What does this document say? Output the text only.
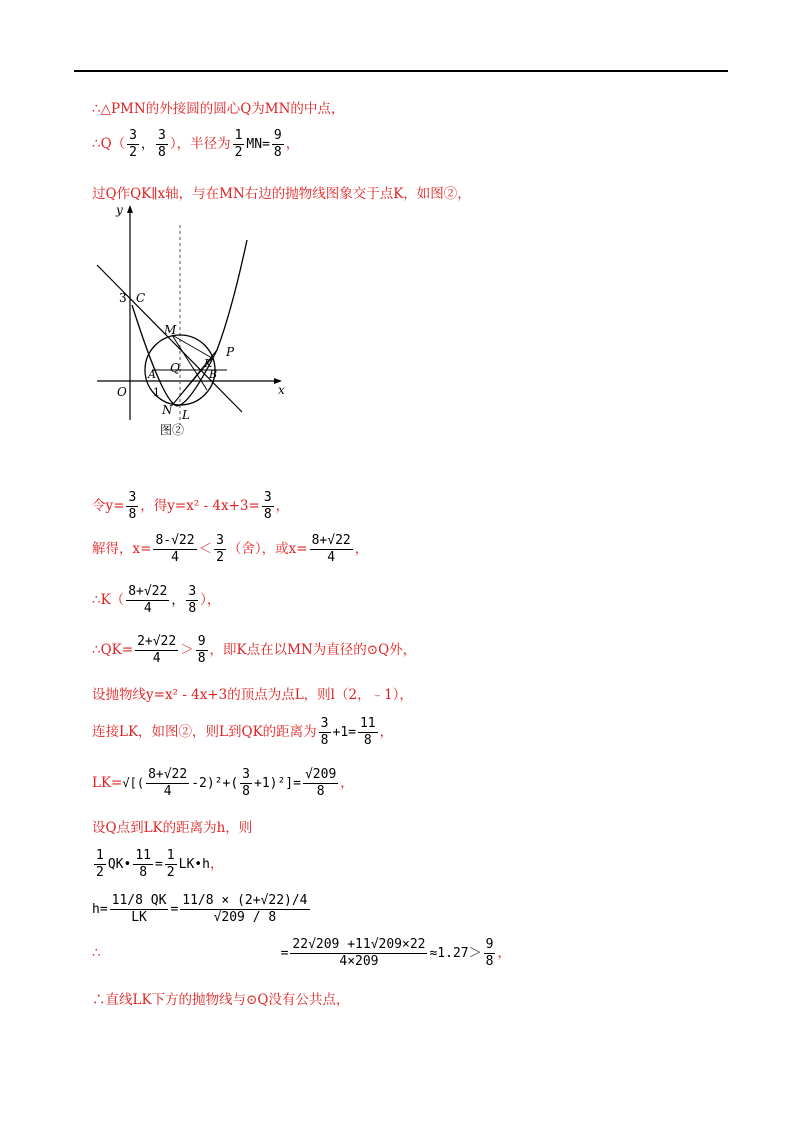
∴△PMN的外接圆的圆心Q为MN的中点，
∴Q（ $\frac{3}{2}$ ， $\frac{3}{8}$ ），半径为 $\frac{1}{2} MN= \frac{9}{8}$ ，
过Q作QK∥x轴，与在MN右边的抛物线图象交于点K，如图②，
y
x
3 C
M
Q
P
K
B
A
O 1
N L
图②
令$y= \frac{3}{8}$ ，得$y=x^2 - 4x+3= \frac{3}{8}$ ，
解得，$x= \frac{8-√22}{4} < \frac{3}{2}$ （舍），或$x= \frac{8+√22}{4}$ ，
∴K（ $\frac{8+√22}{4}$ ， $\frac{3}{8}$ ），
∴QK= $\frac{2+√22}{4} > \frac{9}{8}$ ，即K点在以MN为直径的⊙Q外，
设抛物线y=x² - 4x+3的顶点为点L，则l（2，﹣1），
连接LK，如图②，则L到QK的距离为 $\frac{3}{8} +1= \frac{11}{8}$ ，
$LK=√[( \frac{8+√22}{4} -2)^2+( \frac{3}{8} +1)^2]= \frac{√209}{8}$ ，
设Q点到LK的距离为h，则
$\frac{1}{2}$ QK• $\frac{11}{8} = \frac{1}{2}$ LK•h，
$h= \frac{11/8 QK}{LK} = \frac{11/8 \times (2+√22)/4}{√209 / 8}$
∴	= $\frac{22√209 +11√209\times 22}{4\times 209} \approx 1.27> \frac{9}{8}$ ，
∴直线LK下方的抛物线与⊙Q没有公共点，
